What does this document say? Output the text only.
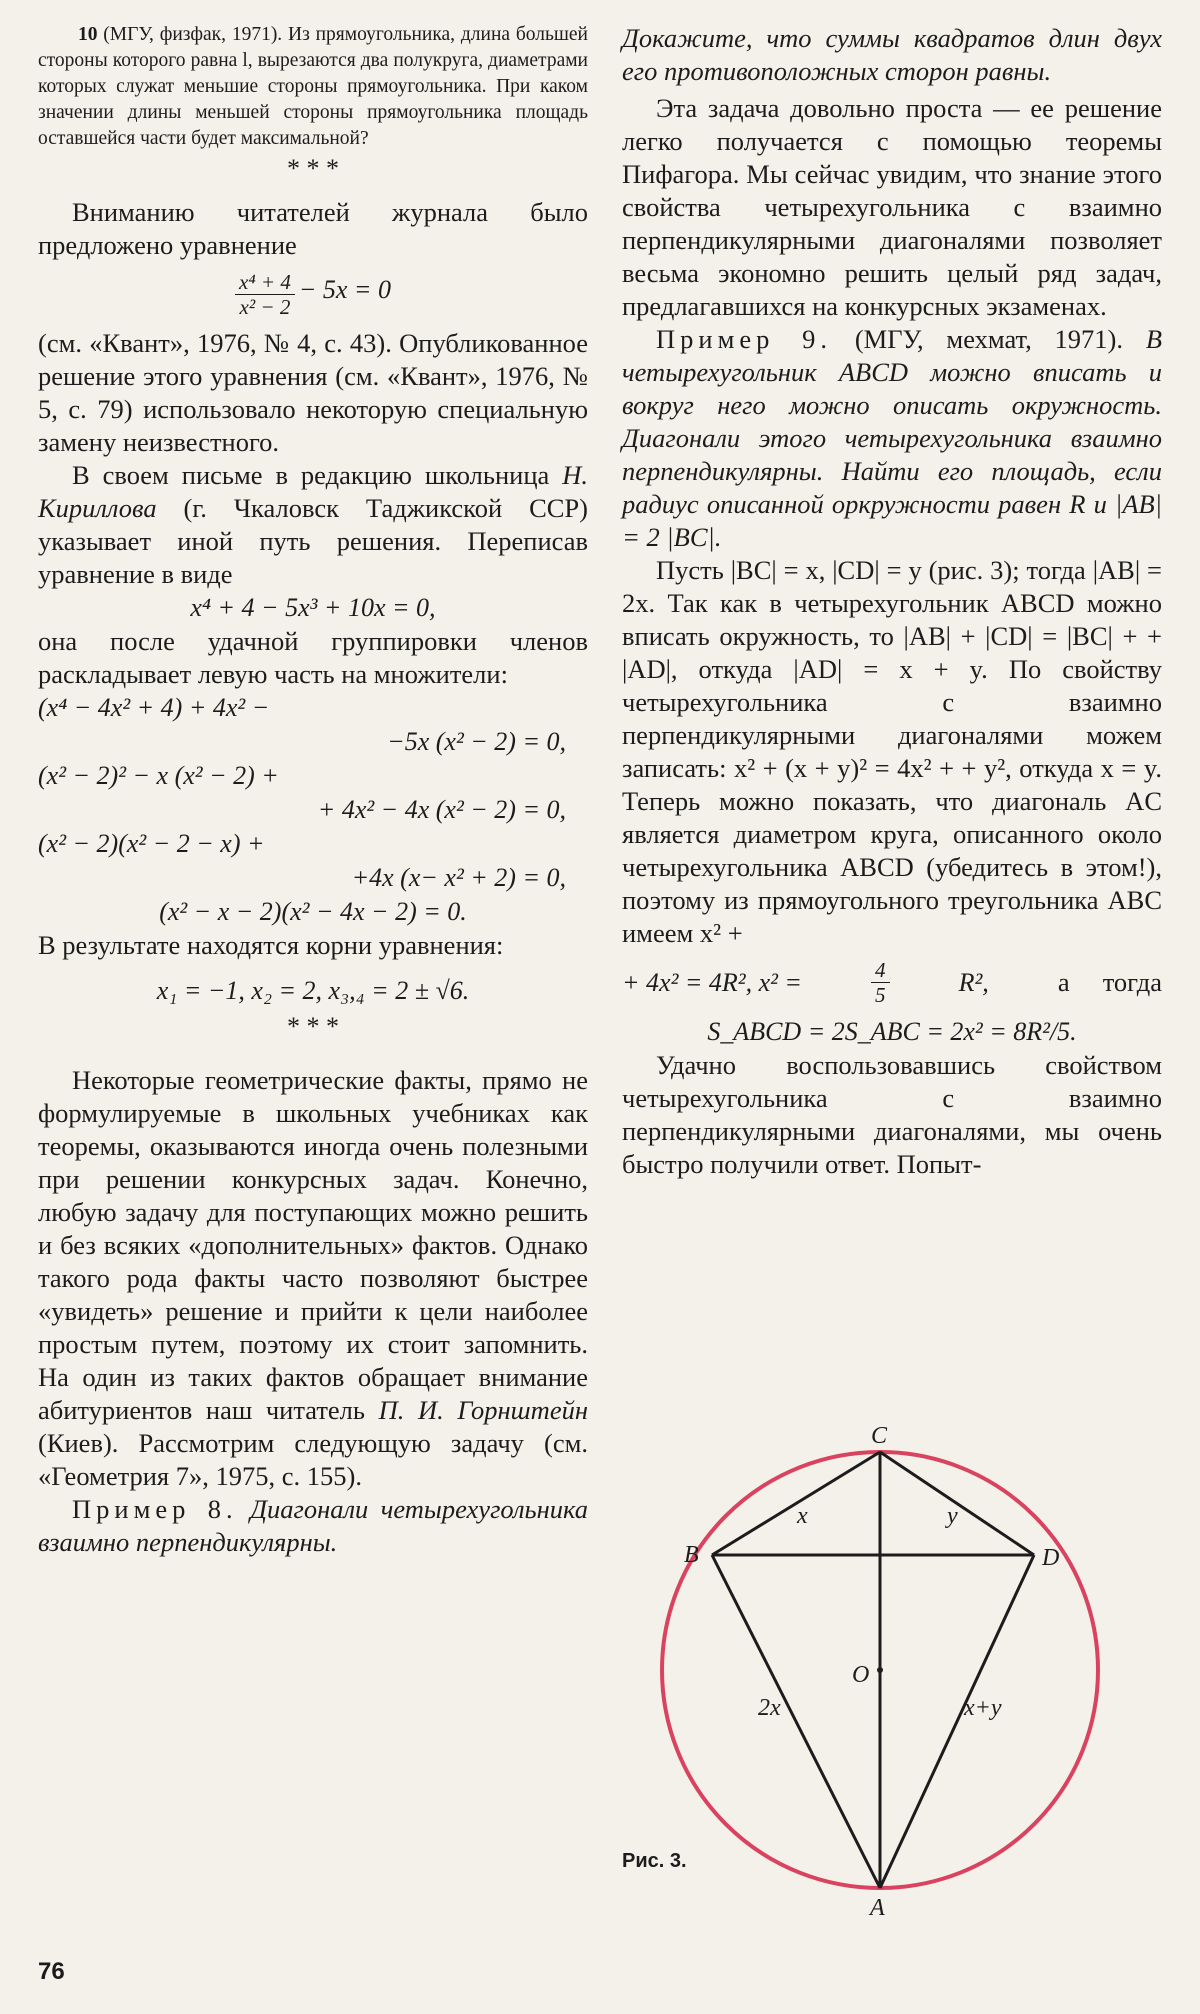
10 (МГУ, физфак, 1971). Из прямоугольника, длина большей стороны которого равна l, вырезаются два полукруга, диаметрами которых служат меньшие стороны прямоугольника. При каком значении длины меньшей стороны прямоугольника площадь оставшейся части будет максимальной?

* * *

Вниманию читателей журнала было предложено уравнение

$\frac{\text{x⁴ + 4}}{\text{x² − 2}} - 5x = 0$

(см. «Квант», 1976, № 4, с. 43). Опубликованное решение этого уравнения (см. «Квант», 1976, № 5, с. 79) использовало некоторую специальную замену неизвестного.

В своем письме в редакцию школьница Н. Кириллова (г. Чкаловск Таджикской ССР) указывает иной путь решения. Переписав уравнение в виде

x⁴ + 4 − 5x³ + 10x = 0,

она после удачной группировки членов раскладывает левую часть на множители:

(x⁴ − 4x² + 4) + 4x² −
−5x (x² − 2) = 0,
(x² − 2)² − x (x² − 2) +
+ 4x² − 4x (x² − 2) = 0,
(x² − 2)(x² − 2 − x) +
+4x (x− x² + 2) = 0,
(x² − x − 2)(x² − 4x − 2) = 0.

В результате находятся корни уравнения:

x₁ = −1, x₂ = 2, x₃,₄ = 2 ± √6.
* * *

Некоторые геометрические факты, прямо не формулируемые в школьных учебниках как теоремы, оказываются иногда очень полезными при решении конкурсных задач. Конечно, любую задачу для поступающих можно решить и без всяких «дополнительных» фактов. Однако такого рода факты часто позволяют быстрее «увидеть» решение и прийти к цели наиболее простым путем, поэтому их стоит запомнить. На один из таких фактов обращает внимание абитуриентов наш читатель П. И. Горнштейн (Киев). Рассмотрим следующую задачу (см. «Геометрия 7», 1975, с. 155).

Пример 8. Диагонали четырехугольника взаимно перпендикулярны.

Докажите, что суммы квадратов длин двух его противоположных сторон равны.

Эта задача довольно проста — ее решение легко получается с помощью теоремы Пифагора. Мы сейчас увидим, что знание этого свойства четырехугольника с взаимно перпендикулярными диагоналями позволяет весьма экономно решить целый ряд задач, предлагавшихся на конкурсных экзаменах.

Пример 9. (МГУ, мехмат, 1971). В четырехугольник ABCD можно вписать и вокруг него можно описать окружность. Диагонали этого четырехугольника взаимно перпендикулярны. Найти его площадь, если радиус описанной оркружности равен R и |AB| = 2 |BC|.

Пусть |BC| = x, |CD| = y (рис. 3); тогда |AB| = 2x. Так как в четырехугольник ABCD можно вписать окружность, то |AB| + |CD| = |BC| + + |AD|, откуда |AD| = x + y. По свойству четырехугольника с взаимно перпендикулярными диагоналями можем записать: x² + (x + y)² = 4x² + + y², откуда x = y. Теперь можно показать, что диагональ AC является диаметром круга, описанного около четырехугольника ABCD (убедитесь в этом!), поэтому из прямоугольного треугольника ABC имеем x² +

+ 4x² = 4R², x² =	$\frac{4}{5}$	R²,	а     тогда
S_ABCD = 2S_ABC = 2x² = 8R²/5.

Удачно воспользовавшись свойством четырехугольника с взаимно перпендикулярными диагоналями, мы очень быстро получили ответ. Попыт-

C
B	D
O
A
x	y
2x	x+y
Рис. 3.
76
